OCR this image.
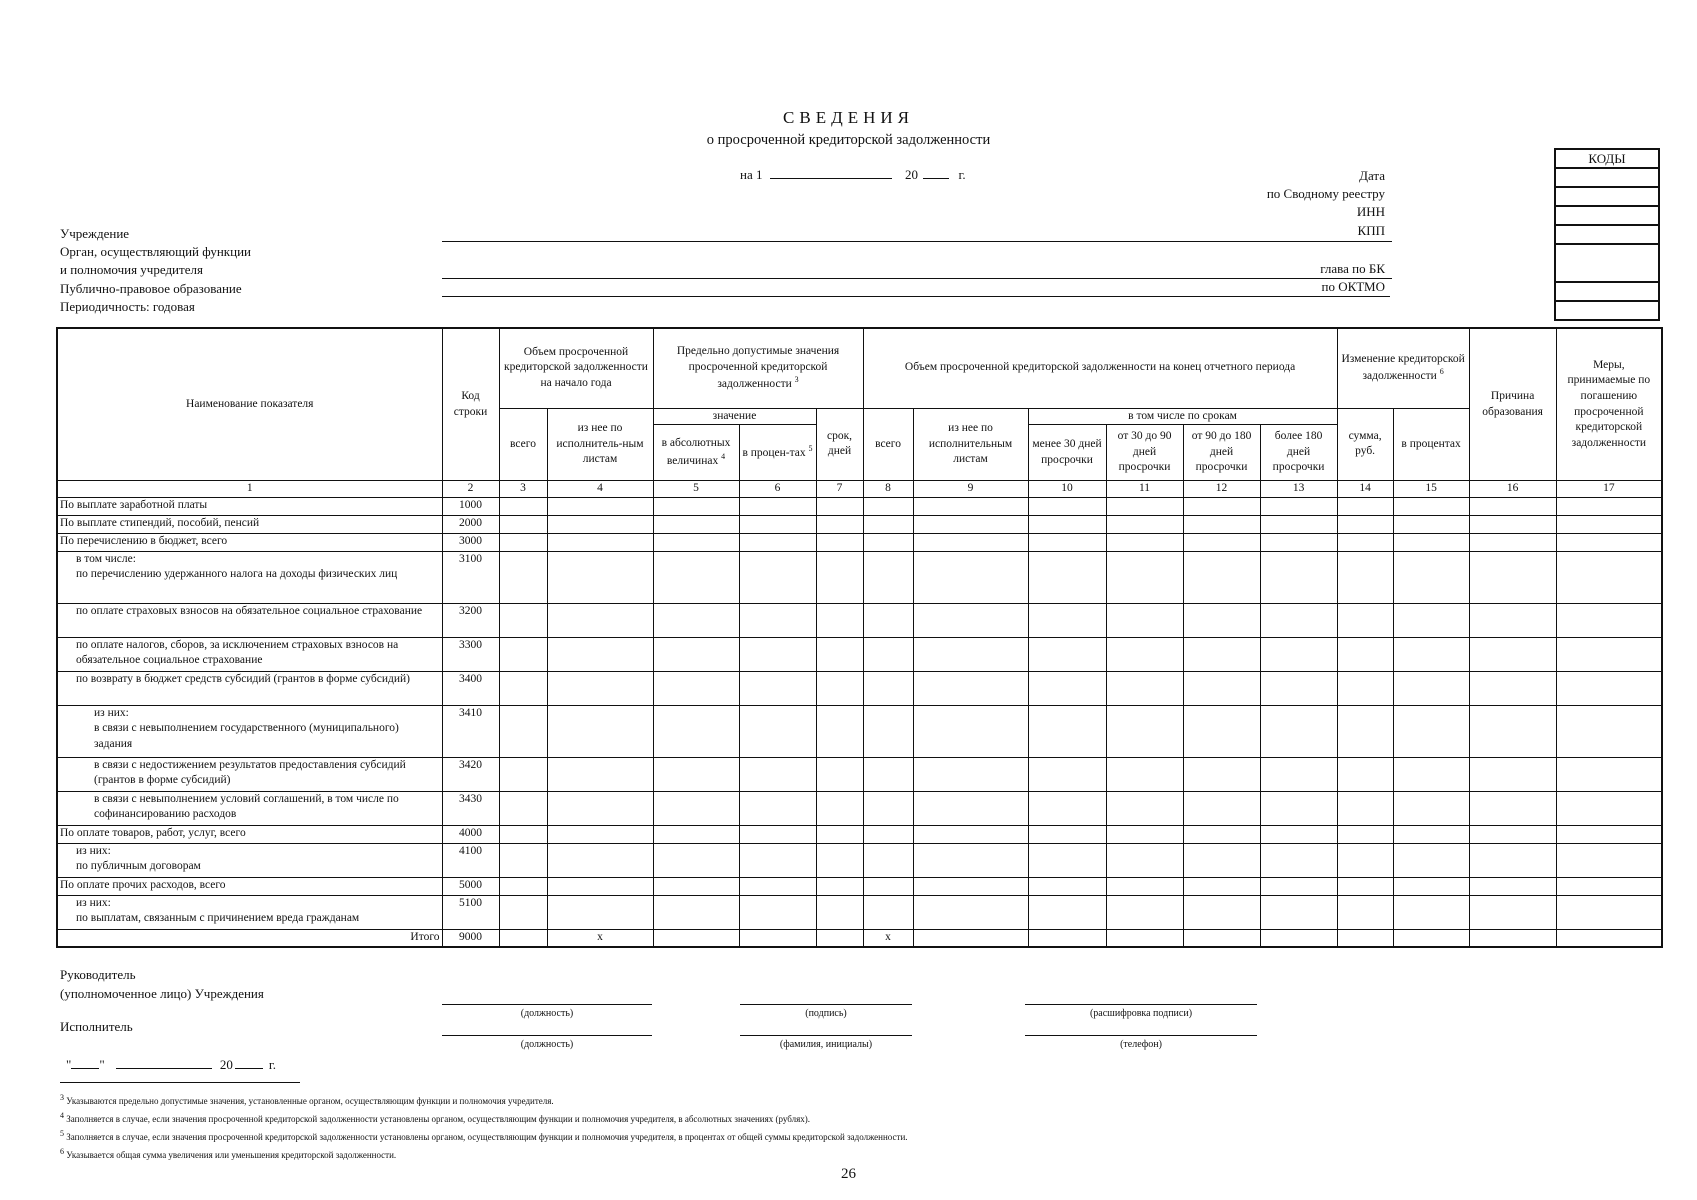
СВЕДЕНИЯ
о просроченной кредиторской задолженности
на 1	20	г.
Учреждение
Орган, осуществляющий функции
и полномочия учредителя
Публично-правовое образование
Периодичность: годовая
Дата
по Сводному реестру
ИНН
КПП
глава по БК
по ОКТМО
КОДЫ

Наименование показателя	Код строки	Объем просроченной кредиторской задолженности на начало года		Предельно допустимые значения просроченной кредиторской задолженности $^3$			Объем просроченной кредиторской задолженности на конец отчетного периода						Изменение кредиторской задолженности $^6$		Причина образования	Меры, принимаемые по погашению просроченной кредиторской задолженности
		всего	из нее по исполнитель-ным листам	значение		срок, дней	всего	из нее по исполнительным листам	в том числе по срокам				сумма, руб.	в процентах		
				в абсолютных величинах $^4$	в процен-тах $^5$				менее 30 дней просрочки	от 30 до 90 дней просрочки	от 90 до 180 дней просрочки	более 180 дней просрочки				
1	2	3	4	5	6	7	8	9	10	11	12	13	14	15	16	17
По выплате заработной платы	1000															
По выплате стипендий, пособий, пенсий	2000															
По перечислению в бюджет, всего	3000															
в том числе:
по перечислению удержанного налога на доходы физических лиц	3100															
по оплате страховых взносов на обязательное социальное страхование	3200															
по оплате налогов, сборов, за исключением страховых взносов на обязательное социальное страхование	3300															
по возврату в бюджет средств субсидий (грантов в форме субсидий)	3400															
из них:
в связи с невыполнением государственного (муниципального) задания	3410															
в связи с недостижением результатов предоставления субсидий (грантов в форме субсидий)	3420															
в связи с невыполнением условий соглашений, в том числе по софинансированию расходов	3430															
По оплате товаров, работ, услуг, всего	4000															
из них:
по публичным договорам	4100															
По оплате прочих расходов, всего	5000															
из них:
по выплатам, связанным с причинением вреда гражданам	5100															
Итого	9000		x				x									
Руководитель
(уполномоченное лицо) Учреждения
(должность)	(подпись)	(расшифровка подписи)
Исполнитель
(должность)	(фамилия, инициалы)	(телефон)
" "	20	г.
$^3$ Указываются предельно допустимые значения, установленные органом, осуществляющим функции и полномочия учредителя.
$^4$ Заполняется в случае, если значения просроченной кредиторской задолженности установлены органом, осуществляющим функции и полномочия учредителя, в абсолютных значениях (рублях).
$^5$ Заполняется в случае, если значения просроченной кредиторской задолженности установлены органом, осуществляющим функции и полномочия учредителя, в процентах от общей суммы кредиторской задолженности.
$^6$ Указывается общая сумма увеличения или уменьшения кредиторской задолженности.
26
